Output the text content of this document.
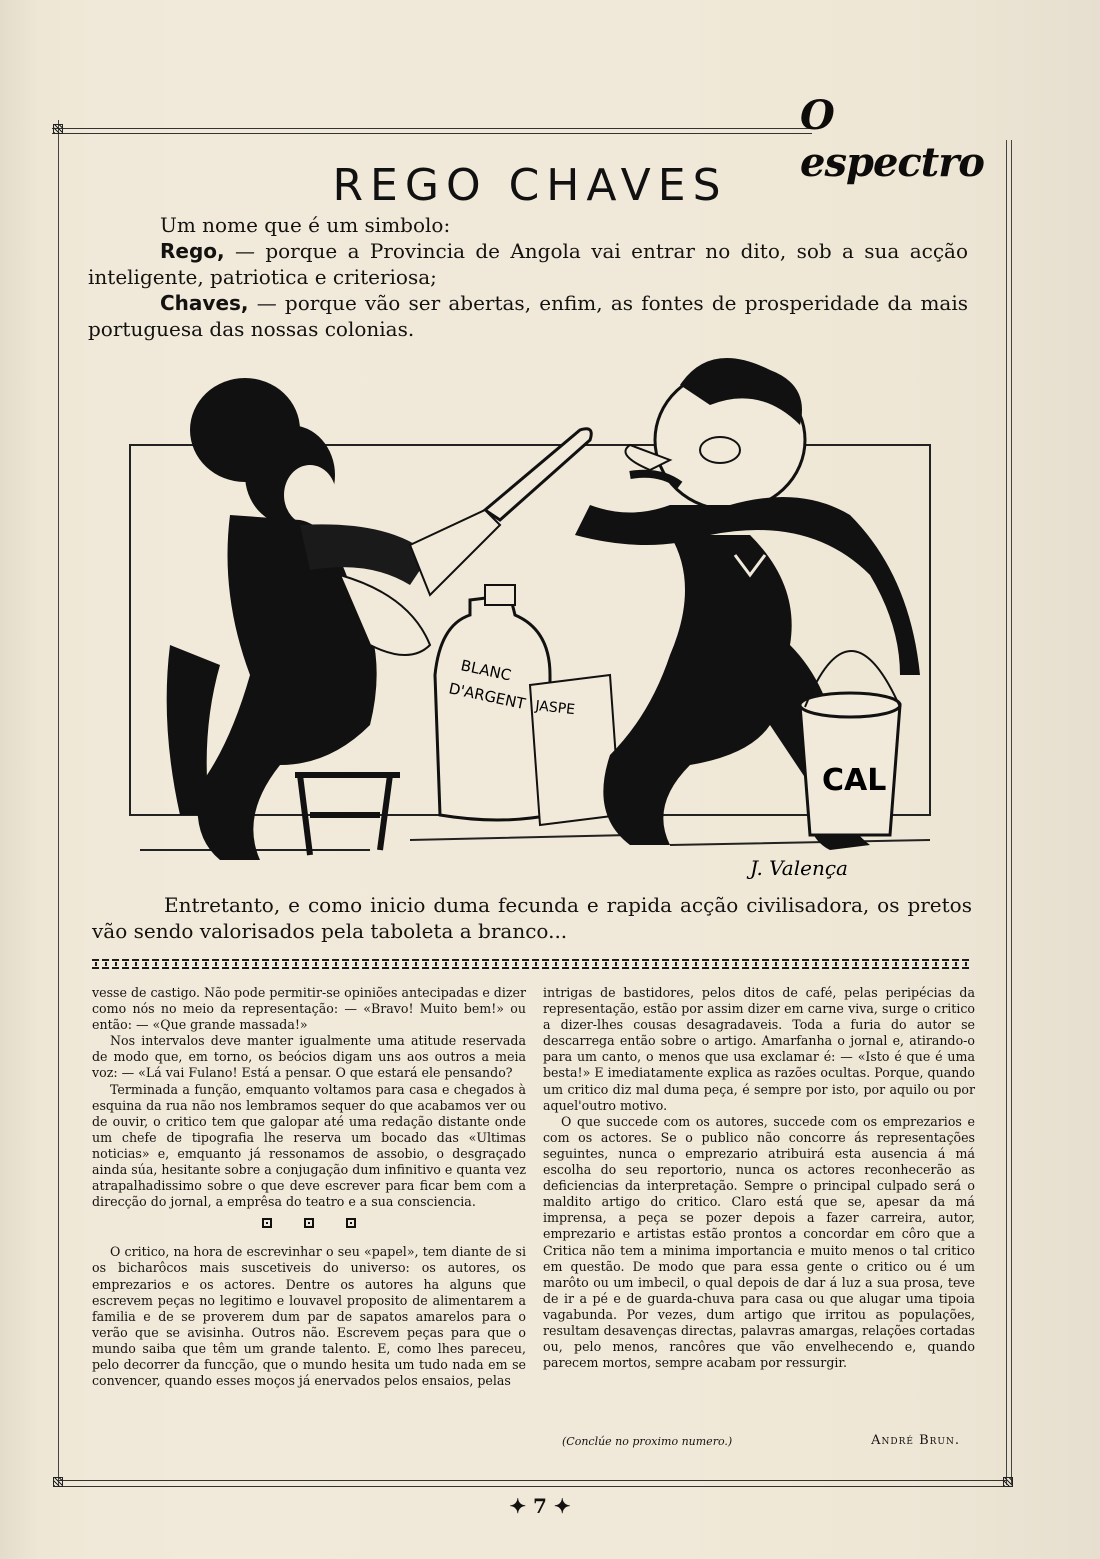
O espectro
REGO CHAVES

Um nome que é um simbolo:

Rego, — porque a Provincia de Angola vai entrar no dito, sob a sua acção inteligente, patriotica e criteriosa;

Chaves, — porque vão ser abertas, enfim, as fontes de prosperidade da mais portuguesa das nossas colonias.

BLANC
D'ARGENT JASPE
CAL
J. Valença

Entretanto, e como inicio duma fecunda e rapida acção civilisadora, os pretos vão sendo valorisados pela taboleta a branco...

vesse de castigo. Não pode permitir-se opiniões antecipadas e dizer como nós no meio da representação: — «Bravo! Muito bem!» ou então: — «Que grande massada!»

Nos intervalos deve manter igualmente uma atitude reservada de modo que, em torno, os beócios digam uns aos outros a meia voz: — «Lá vai Fulano! Está a pensar. O que estará ele pensando?

Terminada a função, emquanto voltamos para casa e chegados à esquina da rua não nos lembramos sequer do que acabamos ver ou de ouvir, o critico tem que galopar até uma redação distante onde um chefe de tipografia lhe reserva um bocado das «Ultimas noticias» e, emquanto já ressonamos de assobio, o desgraçado ainda súa, hesitante sobre a conjugação dum infinitivo e quanta vez atrapalhadissimo sobre o que deve escrever para ficar bem com a direcção do jornal, a emprêsa do teatro e a sua consciencia.

O critico, na hora de escrevinhar o seu «papel», tem diante de si os bicharôcos mais suscetiveis do universo: os autores, os emprezarios e os actores. Dentre os autores ha alguns que escrevem peças no legitimo e louvavel proposito de alimentarem a familia e de se proverem dum par de sapatos amarelos para o verão que se avisinha. Outros não. Escrevem peças para que o mundo saiba que têm um grande talento. E, como lhes pareceu, pelo decorrer da funcção, que o mundo hesita um tudo nada em se convencer, quando esses moços já enervados pelos ensaios, pelas

intrigas de bastidores, pelos ditos de café, pelas peripécias da representação, estão por assim dizer em carne viva, surge o critico a dizer-lhes cousas desagradaveis. Toda a furia do autor se descarrega então sobre o artigo. Amarfanha o jornal e, atirando-o para um canto, o menos que usa exclamar é: — «Isto é que é uma besta!» E imediatamente explica as razões ocultas. Porque, quando um critico diz mal duma peça, é sempre por isto, por aquilo ou por aquel'outro motivo.

O que succede com os autores, succede com os emprezarios e com os actores. Se o publico não concorre ás representações seguintes, nunca o emprezario atribuirá esta ausencia á má escolha do seu reportorio, nunca os actores reconhecerão as deficiencias da interpretação. Sempre o principal culpado será o maldito artigo do critico. Claro está que se, apesar da má imprensa, a peça se pozer depois a fazer carreira, autor, emprezario e artistas estão prontos a concordar em côro que a Critica não tem a minima importancia e muito menos o tal critico em questão. De modo que para essa gente o critico ou é um marôto ou um imbecil, o qual depois de dar á luz a sua prosa, teve de ir a pé e de guarda-chuva para casa ou que alugar uma tipoia vagabunda. Por vezes, dum artigo que irritou as populações, resultam desavenças directas, palavras amargas, relações cortadas ou, pelo menos, rancôres que vão envelhecendo e, quando parecem mortos, sempre acabam por ressurgir.

(Conclúe no proximo numero.)	André Brun.
✦ 7 ✦
